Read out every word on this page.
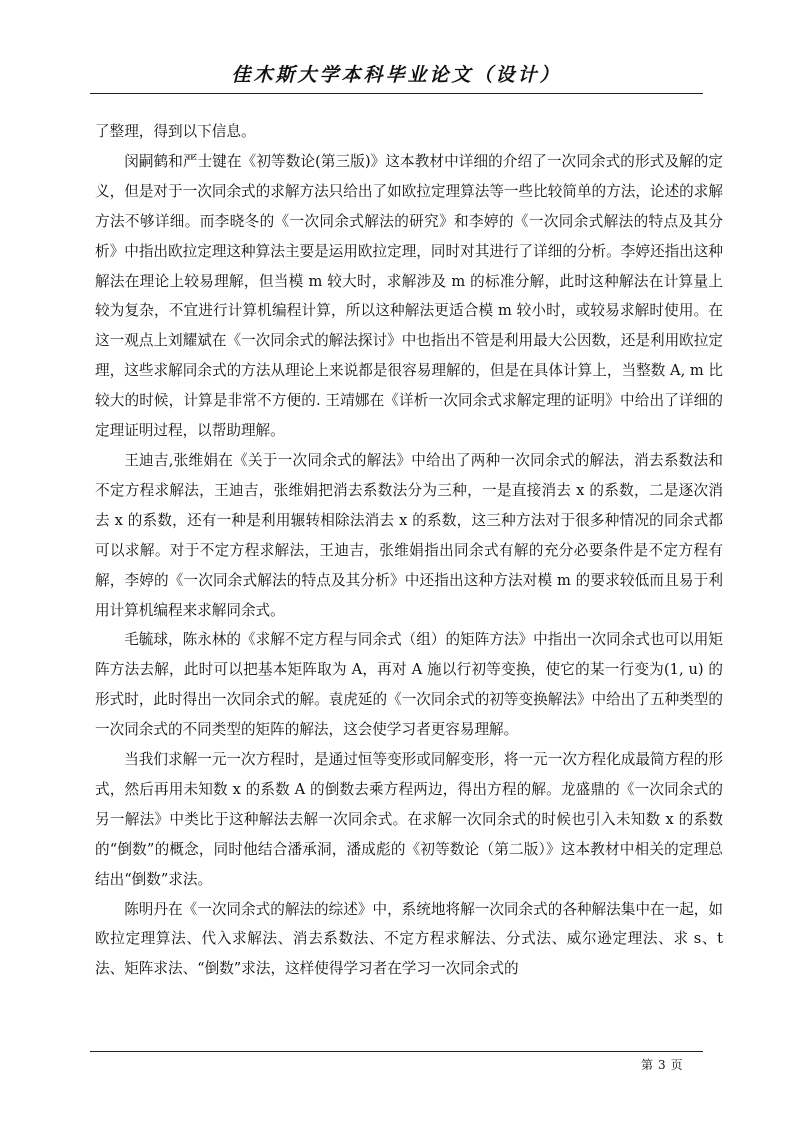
佳木斯大学本科毕业论文（设计）

了整理，得到以下信息。

闵嗣鹤和严士键在《初等数论(第三版)》这本教材中详细的介绍了一次同余式的形式及解的定义，但是对于一次同余式的求解方法只给出了如欧拉定理算法等一些比较简单的方法，论述的求解方法不够详细。而李晓冬的《一次同余式解法的研究》和李婷的《一次同余式解法的特点及其分析》中指出欧拉定理这种算法主要是运用欧拉定理，同时对其进行了详细的分析。李婷还指出这种解法在理论上较易理解，但当模 m 较大时，求解涉及 m 的标准分解，此时这种解法在计算量上较为复杂，不宜进行计算机编程计算，所以这种解法更适合模 m 较小时，或较易求解时使用。在这一观点上刘耀斌在《一次同余式的解法探讨》中也指出不管是利用最大公因数，还是利用欧拉定理，这些求解同余式的方法从理论上来说都是很容易理解的，但是在具体计算上，当整数 A, m 比较大的时候，计算是非常不方便的. 王靖娜在《详析一次同余式求解定理的证明》中给出了详细的定理证明过程，以帮助理解。

王迪吉,张维娟在《关于一次同余式的解法》中给出了两种一次同余式的解法，消去系数法和不定方程求解法，王迪吉，张维娟把消去系数法分为三种，一是直接消去 x 的系数，二是逐次消去 x 的系数，还有一种是利用辗转相除法消去 x 的系数，这三种方法对于很多种情况的同余式都可以求解。对于不定方程求解法，王迪吉，张维娟指出同余式有解的充分必要条件是不定方程有解，李婷的《一次同余式解法的特点及其分析》中还指出这种方法对模 m 的要求较低而且易于利用计算机编程来求解同余式。

毛毓球，陈永林的《求解不定方程与同余式（组）的矩阵方法》中指出一次同余式也可以用矩阵方法去解，此时可以把基本矩阵取为 A，再对 A 施以行初等变换，使它的某一行变为(1, u) 的形式时，此时得出一次同余式的解。袁虎延的《一次同余式的初等变换解法》中给出了五种类型的一次同余式的不同类型的矩阵的解法，这会使学习者更容易理解。

当我们求解一元一次方程时，是通过恒等变形或同解变形，将一元一次方程化成最简方程的形式，然后再用未知数 x 的系数 A 的倒数去乘方程两边，得出方程的解。龙盛鼎的《一次同余式的另一解法》中类比于这种解法去解一次同余式。在求解一次同余式的时候也引入未知数 x 的系数的“倒数”的概念，同时他结合潘承洞，潘成彪的《初等数论（第二版）》这本教材中相关的定理总结出“倒数”求法。

陈明丹在《一次同余式的解法的综述》中，系统地将解一次同余式的各种解法集中在一起，如欧拉定理算法、代入求解法、消去系数法、不定方程求解法、分式法、威尔逊定理法、求 s、t 法、矩阵求法、“倒数”求法，这样使得学习者在学习一次同余式的

第 3 页
